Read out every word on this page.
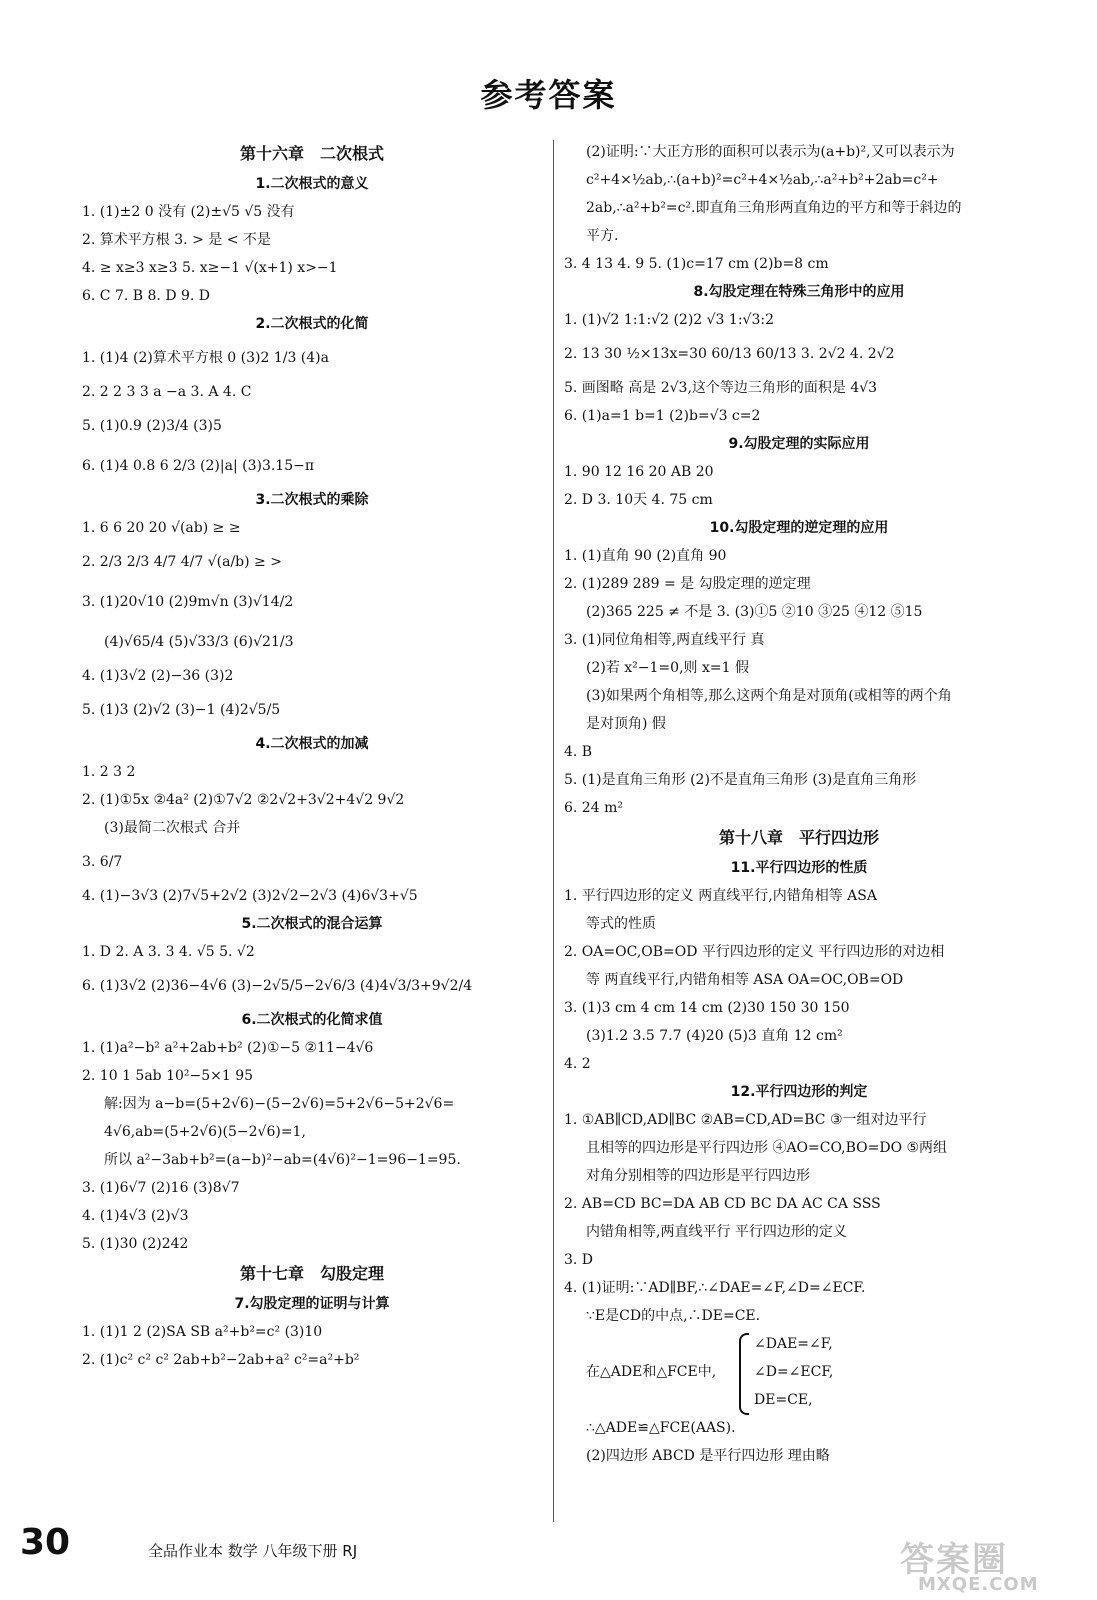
参考答案
第十六章　二次根式
1.二次根式的意义
1. (1)±2 0 没有 (2)±√5 √5 没有
2. 算术平方根 3. > 是 < 不是
4. ≥ x≥3 x≥3 5. x≥−1 √(x+1) x>−1
6. C 7. B 8. D 9. D
2.二次根式的化简
1. (1)4 (2)算术平方根 0 (3)2 1/3 (4)a
2. 2 2 3 3 a −a 3. A 4. C
5. (1)0.9 (2)3/4 (3)5
6. (1)4 0.8 6 2/3 (2)|a| (3)3.15−π
3.二次根式的乘除
1. 6 6 20 20 √(ab) ≥ ≥
2. 2/3 2/3 4/7 4/7 √(a/b) ≥ >
3. (1)20√10 (2)9m√n (3)√14/2
(4)√65/4 (5)√33/3 (6)√21/3
4. (1)3√2 (2)−36 (3)2
5. (1)3 (2)√2 (3)−1 (4)2√5/5
4.二次根式的加减
1. 2 3 2
2. (1)①5x ②4a² (2)①7√2 ②2√2+3√2+4√2 9√2
(3)最简二次根式 合并
3. 6/7
4. (1)−3√3 (2)7√5+2√2 (3)2√2−2√3 (4)6√3+√5
5.二次根式的混合运算
1. D 2. A 3. 3 4. √5 5. √2
6. (1)3√2 (2)36−4√6 (3)−2√5/5−2√6/3 (4)4√3/3+9√2/4
6.二次根式的化简求值
1. (1)a²−b² a²+2ab+b² (2)①−5 ②11−4√6
2. 10 1 5ab 10²−5×1 95
解:因为 a−b=(5+2√6)−(5−2√6)=5+2√6−5+2√6=
4√6,ab=(5+2√6)(5−2√6)=1,
所以 a²−3ab+b²=(a−b)²−ab=(4√6)²−1=96−1=95.
3. (1)6√7 (2)16 (3)8√7
4. (1)4√3 (2)√3
5. (1)30 (2)242
第十七章　勾股定理
7.勾股定理的证明与计算
1. (1)1 2 (2)SA SB a²+b²=c² (3)10
2. (1)c² c² c² 2ab+b²−2ab+a² c²=a²+b²
(2)证明:∵大正方形的面积可以表示为(a+b)²,又可以表示为
c²+4×½ab,∴(a+b)²=c²+4×½ab,∴a²+b²+2ab=c²+
2ab,∴a²+b²=c².即直角三角形两直角边的平方和等于斜边的
平方.
3. 4 13 4. 9 5. (1)c=17 cm (2)b=8 cm
8.勾股定理在特殊三角形中的应用
1. (1)√2 1:1:√2 (2)2 √3 1:√3:2
2. 13 30 ½×13x=30 60/13 60/13 3. 2√2 4. 2√2
5. 画图略 高是 2√3,这个等边三角形的面积是 4√3
6. (1)a=1 b=1 (2)b=√3 c=2
9.勾股定理的实际应用
1. 90 12 16 20 AB 20
2. D 3. 10天 4. 75 cm
10.勾股定理的逆定理的应用
1. (1)直角 90 (2)直角 90
2. (1)289 289 = 是 勾股定理的逆定理
(2)365 225 ≠ 不是 3. (3)①5 ②10 ③25 ④12 ⑤15
3. (1)同位角相等,两直线平行 真
(2)若 x²−1=0,则 x=1 假
(3)如果两个角相等,那么这两个角是对顶角(或相等的两个角
是对顶角) 假
4. B
5. (1)是直角三角形 (2)不是直角三角形 (3)是直角三角形
6. 24 m²
第十八章　平行四边形
11.平行四边形的性质
1. 平行四边形的定义 两直线平行,内错角相等 ASA
等式的性质
2. OA=OC,OB=OD 平行四边形的定义 平行四边形的对边相
等 两直线平行,内错角相等 ASA OA=OC,OB=OD
3. (1)3 cm 4 cm 14 cm (2)30 150 30 150
(3)1.2 3.5 7.7 (4)20 (5)3 直角 12 cm²
4. 2
12.平行四边形的判定
1. ①AB∥CD,AD∥BC ②AB=CD,AD=BC ③一组对边平行
且相等的四边形是平行四边形 ④AO=CO,BO=DO ⑤两组
对角分别相等的四边形是平行四边形
2. AB=CD BC=DA AB CD BC DA AC CA SSS
内错角相等,两直线平行 平行四边形的定义
3. D
4. (1)证明:∵AD∥BF,∴∠DAE=∠F,∠D=∠ECF.
∵E是CD的中点,∴DE=CE.
在△ADE和△FCE中,
∠DAE=∠F,
∠D=∠ECF,
DE=CE,
∴△ADE≌△FCE(AAS).
(2)四边形 ABCD 是平行四边形 理由略
30	全品作业本 数学 八年级下册 RJ	答案圈
MXQE.COM
